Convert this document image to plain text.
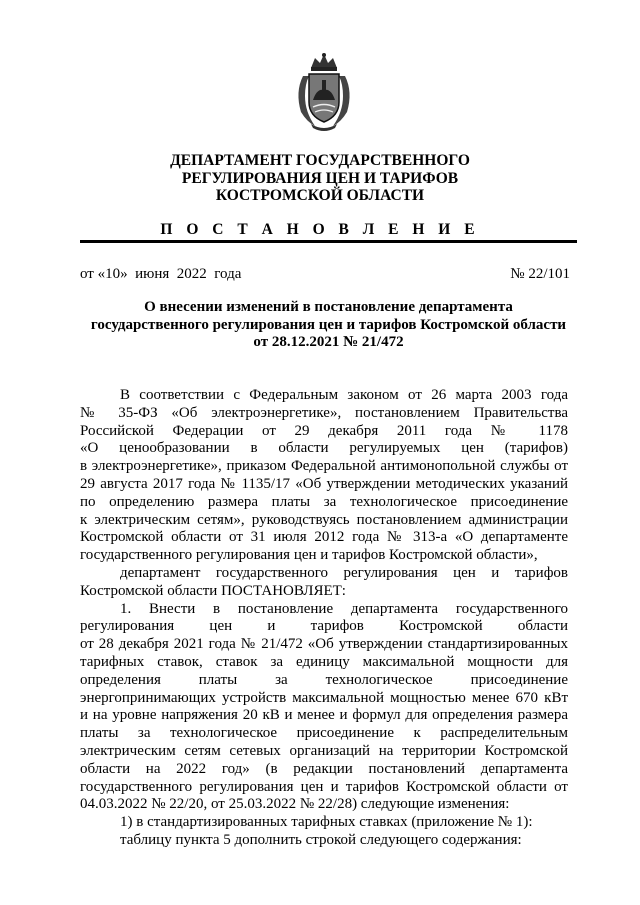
ДЕПАРТАМЕНТ ГОСУДАРСТВЕННОГО
РЕГУЛИРОВАНИЯ ЦЕН И ТАРИФОВ
КОСТРОМСКОЙ ОБЛАСТИ
П О С Т А Н О В Л Е Н И Е
от «10»  июня  2022  года	№ 22/101
О внесении изменений в постановление департамента
государственного регулирования цен и тарифов Костромской области
от 28.12.2021 № 21/472
В соответствии с Федеральным законом от 26 марта 2003 года
№ 35-ФЗ «Об электроэнергетике», постановлением Правительства
Российской Федерации от 29 декабря 2011 года № 1178
«О ценообразовании в области регулируемых цен (тарифов)
в электроэнергетике», приказом Федеральной антимонопольной службы от
29 августа 2017 года № 1135/17 «Об утверждении методических указаний
по определению размера платы за технологическое присоединение
к электрическим сетям», руководствуясь постановлением администрации
Костромской области от 31 июля 2012 года № 313-а «О департаменте
государственного регулирования цен и тарифов Костромской области»,
департамент государственного регулирования цен и тарифов
Костромской области ПОСТАНОВЛЯЕТ:
1. Внести в постановление департамента государственного
регулирования цен и тарифов Костромской области
от 28 декабря 2021 года № 21/472 «Об утверждении стандартизированных
тарифных ставок, ставок за единицу максимальной мощности для
определения платы за технологическое присоединение
энергопринимающих устройств максимальной мощностью менее 670 кВт
и на уровне напряжения 20 кВ и менее и формул для определения размера
платы за технологическое присоединение к распределительным
электрическим сетям сетевых организаций на территории Костромской
области на 2022 год» (в редакции постановлений департамента
государственного регулирования цен и тарифов Костромской области от
04.03.2022 № 22/20, от 25.03.2022 № 22/28) следующие изменения:
1) в стандартизированных тарифных ставках (приложение № 1):
таблицу пункта 5 дополнить строкой следующего содержания:
